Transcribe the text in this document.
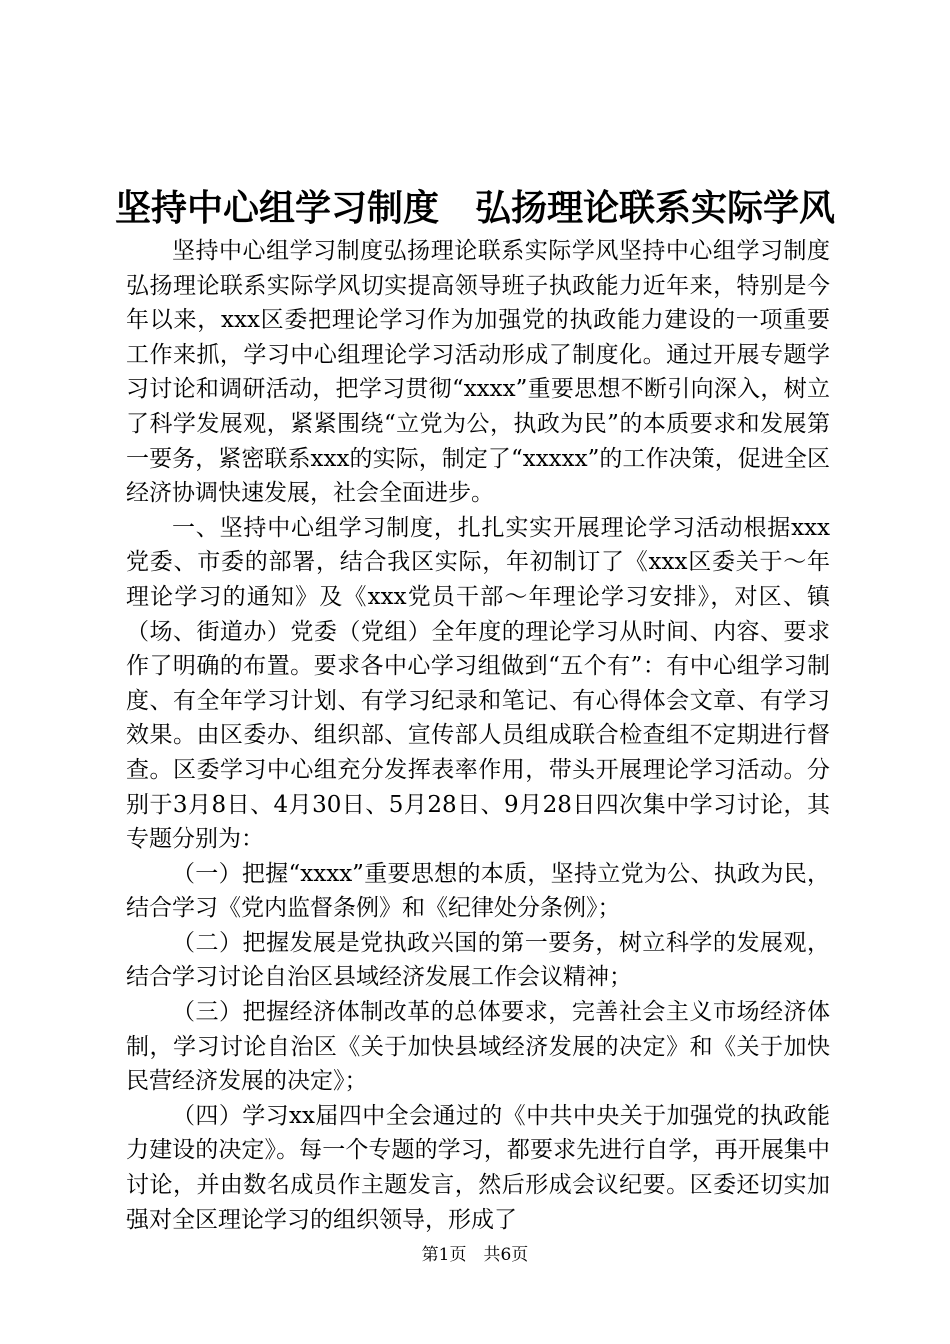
坚持中心组学习制度　弘扬理论联系实际学风

坚持中心组学习制度弘扬理论联系实际学风坚持中心组学习制度弘扬理论联系实际学风切实提高领导班子执政能力近年来，特别是今年以来，xxx区委把理论学习作为加强党的执政能力建设的一项重要工作来抓，学习中心组理论学习活动形成了制度化。通过开展专题学习讨论和调研活动，把学习贯彻“xxxx”重要思想不断引向深入，树立了科学发展观，紧紧围绕“立党为公，执政为民”的本质要求和发展第一要务，紧密联系xxx的实际，制定了“xxxxx”的工作决策，促进全区经济协调快速发展，社会全面进步。

一、坚持中心组学习制度，扎扎实实开展理论学习活动根据xxx党委、市委的部署，结合我区实际，年初制订了《xxx区委关于～年理论学习的通知》及《xxx党员干部～年理论学习安排》，对区、镇（场、街道办）党委（党组）全年度的理论学习从时间、内容、要求作了明确的布置。要求各中心学习组做到“五个有”：有中心组学习制度、有全年学习计划、有学习纪录和笔记、有心得体会文章、有学习效果。由区委办、组织部、宣传部人员组成联合检查组不定期进行督查。区委学习中心组充分发挥表率作用，带头开展理论学习活动。分别于3月8日、4月30日、5月28日、9月28日四次集中学习讨论，其专题分别为：

（一）把握“xxxx”重要思想的本质，坚持立党为公、执政为民，结合学习《党内监督条例》和《纪律处分条例》；

（二）把握发展是党执政兴国的第一要务，树立科学的发展观，结合学习讨论自治区县域经济发展工作会议精神；

（三）把握经济体制改革的总体要求，完善社会主义市场经济体制，学习讨论自治区《关于加快县域经济发展的决定》和《关于加快民营经济发展的决定》；

（四）学习xx届四中全会通过的《中共中央关于加强党的执政能力建设的决定》。每一个专题的学习，都要求先进行自学，再开展集中讨论，并由数名成员作主题发言，然后形成会议纪要。区委还切实加强对全区理论学习的组织领导，形成了

第1页　共6页
